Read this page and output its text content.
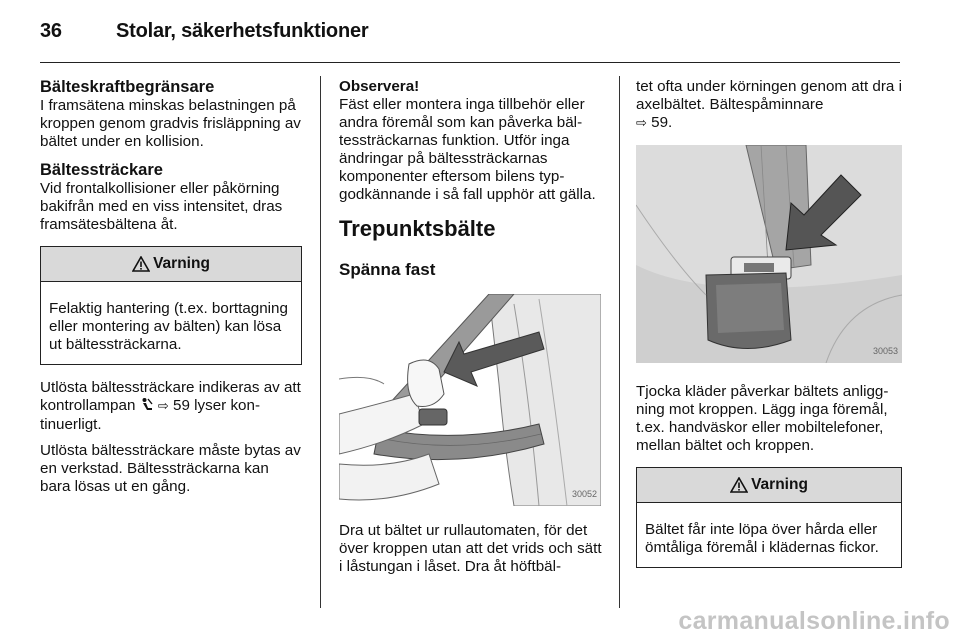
36	Stolar, säkerhetsfunktioner
Bälteskraftbegränsare

I framsätena minskas belastningen på kroppen genom gradvis frisläppning av bältet under en kollision.

Bältessträckare

Vid frontalkollisioner eller påkörning bakifrån med en viss intensitet, dras framsätesbältena åt.

Varning

Felaktig hantering (t.ex. borttagning eller montering av bälten) kan lösa ut bältessträckarna.

Utlösta bältessträckare indikeras av att kontrollampan ⇨ 59 lyser kontinuerligt.

Utlösta bältessträckare måste bytas av en verkstad. Bältessträckarna kan bara lösas ut en gång.

Observera!

Fäst eller montera inga tillbehör eller andra föremål som kan påverka bältessträckarnas funktion. Utför inga ändringar på bältessträckarnas komponenter eftersom bilens typgodkännande i så fall upphör att gälla.

Trepunktsbälte
Spänna fast
30052

Dra ut bältet ur rullautomaten, för det över kroppen utan att det vrids och sätt i låstungan i låset. Dra åt höftbäl-

tet ofta under körningen genom att dra i axelbältet. Bältespåminnare
⇨ 59.

30053

Tjocka kläder påverkar bältets anliggning mot kroppen. Lägg inga föremål, t.ex. handväskor eller mobiltelefoner, mellan bältet och kroppen.

Varning

Bältet får inte löpa över hårda eller ömtåliga föremål i klädernas fickor.

carmanualsonline.info
